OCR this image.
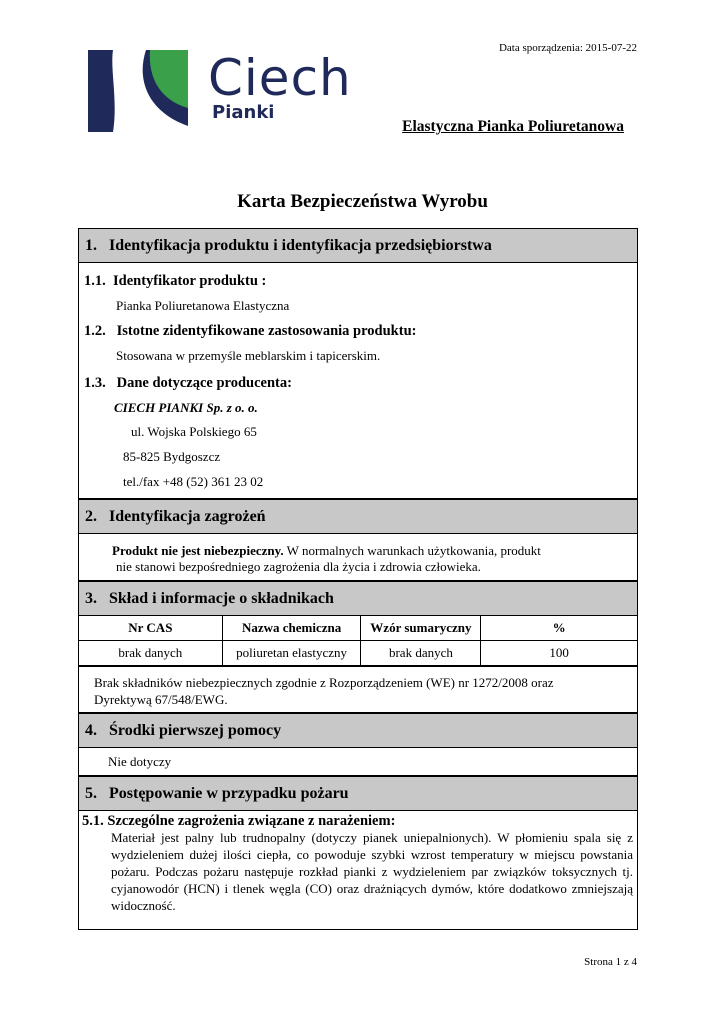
Data sporządzenia: 2015-07-22
Ciech
Pianki
Elastyczna Pianka Poliuretanowa
Karta Bezpieczeństwa Wyrobu
1. Identyfikacja produktu i identyfikacja przedsiębiorstwa
1.1. Identyfikator produktu :
Pianka Poliuretanowa Elastyczna
1.2. Istotne zidentyfikowane zastosowania produktu:
Stosowana w przemyśle meblarskim i tapicerskim.
1.3. Dane dotyczące producenta:
CIECH PIANKI Sp. z o. o.
ul. Wojska Polskiego 65
85-825 Bydgoszcz
tel./fax +48 (52) 361 23 02
2. Identyfikacja zagrożeń
Produkt nie jest niebezpieczny. W normalnych warunkach użytkowania, produkt
nie stanowi bezpośredniego zagrożenia dla życia i zdrowia człowieka.
3. Skład i informacje o składnikach
Nr CAS	Nazwa chemiczna	Wzór sumaryczny	%
brak danych	poliuretan elastyczny	brak danych	100
Brak składników niebezpiecznych zgodnie z Rozporządzeniem (WE) nr 1272/2008 oraz
Dyrektywą 67/548/EWG.
4. Środki pierwszej pomocy
Nie dotyczy
5. Postępowanie w przypadku pożaru
5.1. Szczególne zagrożenia związane z narażeniem:
Materiał jest palny lub trudnopalny (dotyczy pianek uniepalnionych). W płomieniu spala się z wydzieleniem dużej ilości ciepła, co powoduje szybki wzrost temperatury w miejscu powstania pożaru. Podczas pożaru następuje rozkład pianki z wydzieleniem par związków toksycznych tj. cyjanowodór (HCN) i tlenek węgla (CO) oraz drażniących dymów, które dodatkowo zmniejszają widoczność.
Strona 1 z 4
